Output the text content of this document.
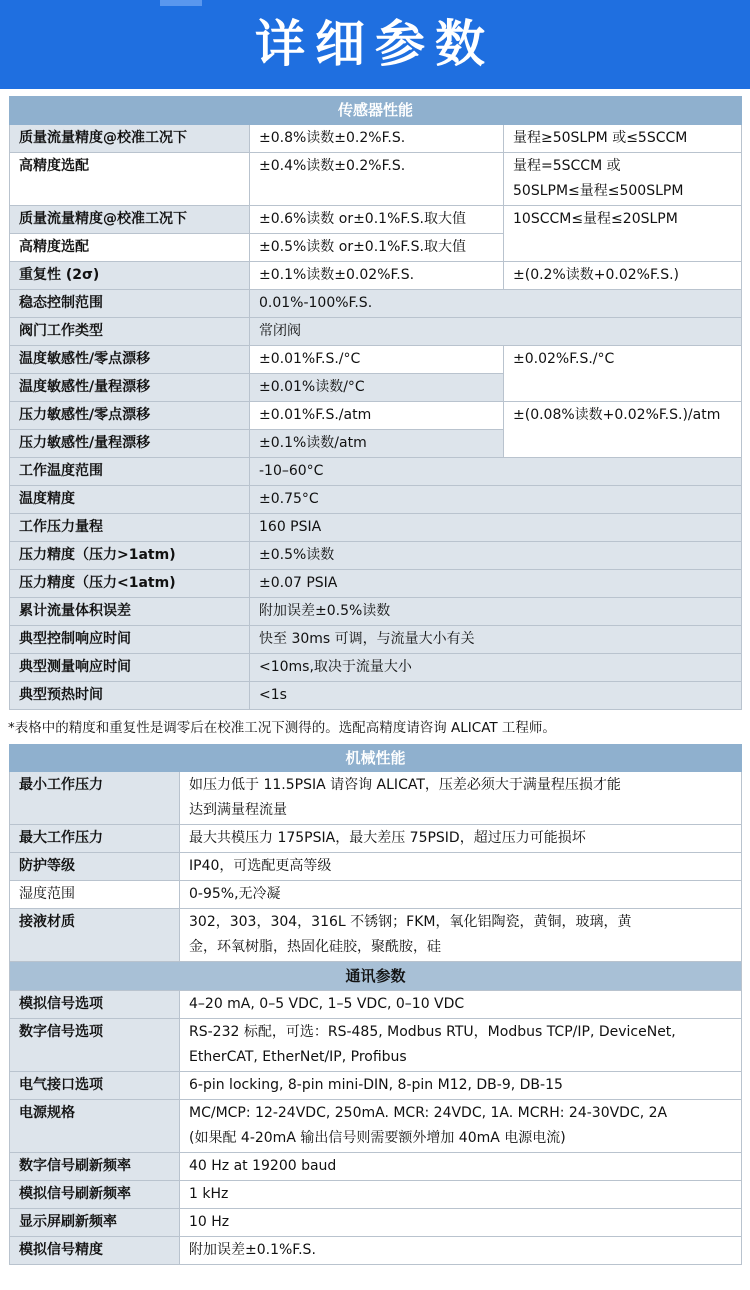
详细参数
传感器性能		
质量流量精度@校准工况下	±0.8%读数±0.2%F.S.	量程≥50SLPM 或≤5SCCM
高精度选配	±0.4%读数±0.2%F.S.	量程=5SCCM 或
50SLPM≤量程≤500SLPM

质量流量精度@校准工况下	±0.6%读数 or±0.1%F.S.取大值	10SCCM≤量程≤20SLPM
高精度选配	±0.5%读数 or±0.1%F.S.取大值	
重复性 (2σ)	±0.1%读数±0.02%F.S.	±(0.2%读数+0.02%F.S.)
稳态控制范围	0.01%-100%F.S.	
阀门工作类型	常闭阀	
温度敏感性/零点漂移	±0.01%F.S./°C	±0.02%F.S./°C
温度敏感性/量程漂移	±0.01%读数/°C	
压力敏感性/零点漂移	±0.01%F.S./atm	±(0.08%读数+0.02%F.S.)/atm
压力敏感性/量程漂移	±0.1%读数/atm	
工作温度范围	-10–60°C	
温度精度	±0.75°C	
工作压力量程	160 PSIA	
压力精度（压力>1atm)	±0.5%读数	
压力精度（压力<1atm)	±0.07 PSIA	
累计流量体积误差	附加误差±0.5%读数	
典型控制响应时间	快至 30ms 可调，与流量大小有关	
典型测量响应时间	<10ms,取决于流量大小	
典型预热时间	<1s	
*表格中的精度和重复性是调零后在校准工况下测得的。选配高精度请咨询 ALICAT 工程师。
机械性能	
最小工作压力	如压力低于 11.5PSIA 请咨询 ALICAT，压差必须大于满量程压损才能
达到满量程流量

最大工作压力	最大共模压力 175PSIA，最大差压 75PSID，超过压力可能损坏
防护等级	IP40，可选配更高等级
湿度范围	0-95%,无冷凝
接液材质	302，303，304，316L 不锈钢；FKM，氧化铝陶瓷，黄铜，玻璃，黄
金，环氧树脂，热固化硅胶，聚酰胺，硅

通讯参数	
模拟信号选项	4–20 mA, 0–5 VDC, 1–5 VDC, 0–10 VDC
数字信号选项	RS-232 标配，可选：RS-485, Modbus RTU，Modbus TCP/IP, DeviceNet,
EtherCAT, EtherNet/IP, Profibus

电气接口选项	6-pin locking, 8-pin mini-DIN, 8-pin M12, DB-9, DB-15
电源规格	MC/MCP: 12-24VDC, 250mA. MCR: 24VDC, 1A. MCRH: 24-30VDC, 2A
(如果配 4-20mA 输出信号则需要额外增加 40mA 电源电流)

数字信号刷新频率	40 Hz at 19200 baud
模拟信号刷新频率	1 kHz
显示屏刷新频率	10 Hz
模拟信号精度	附加误差±0.1%F.S.
